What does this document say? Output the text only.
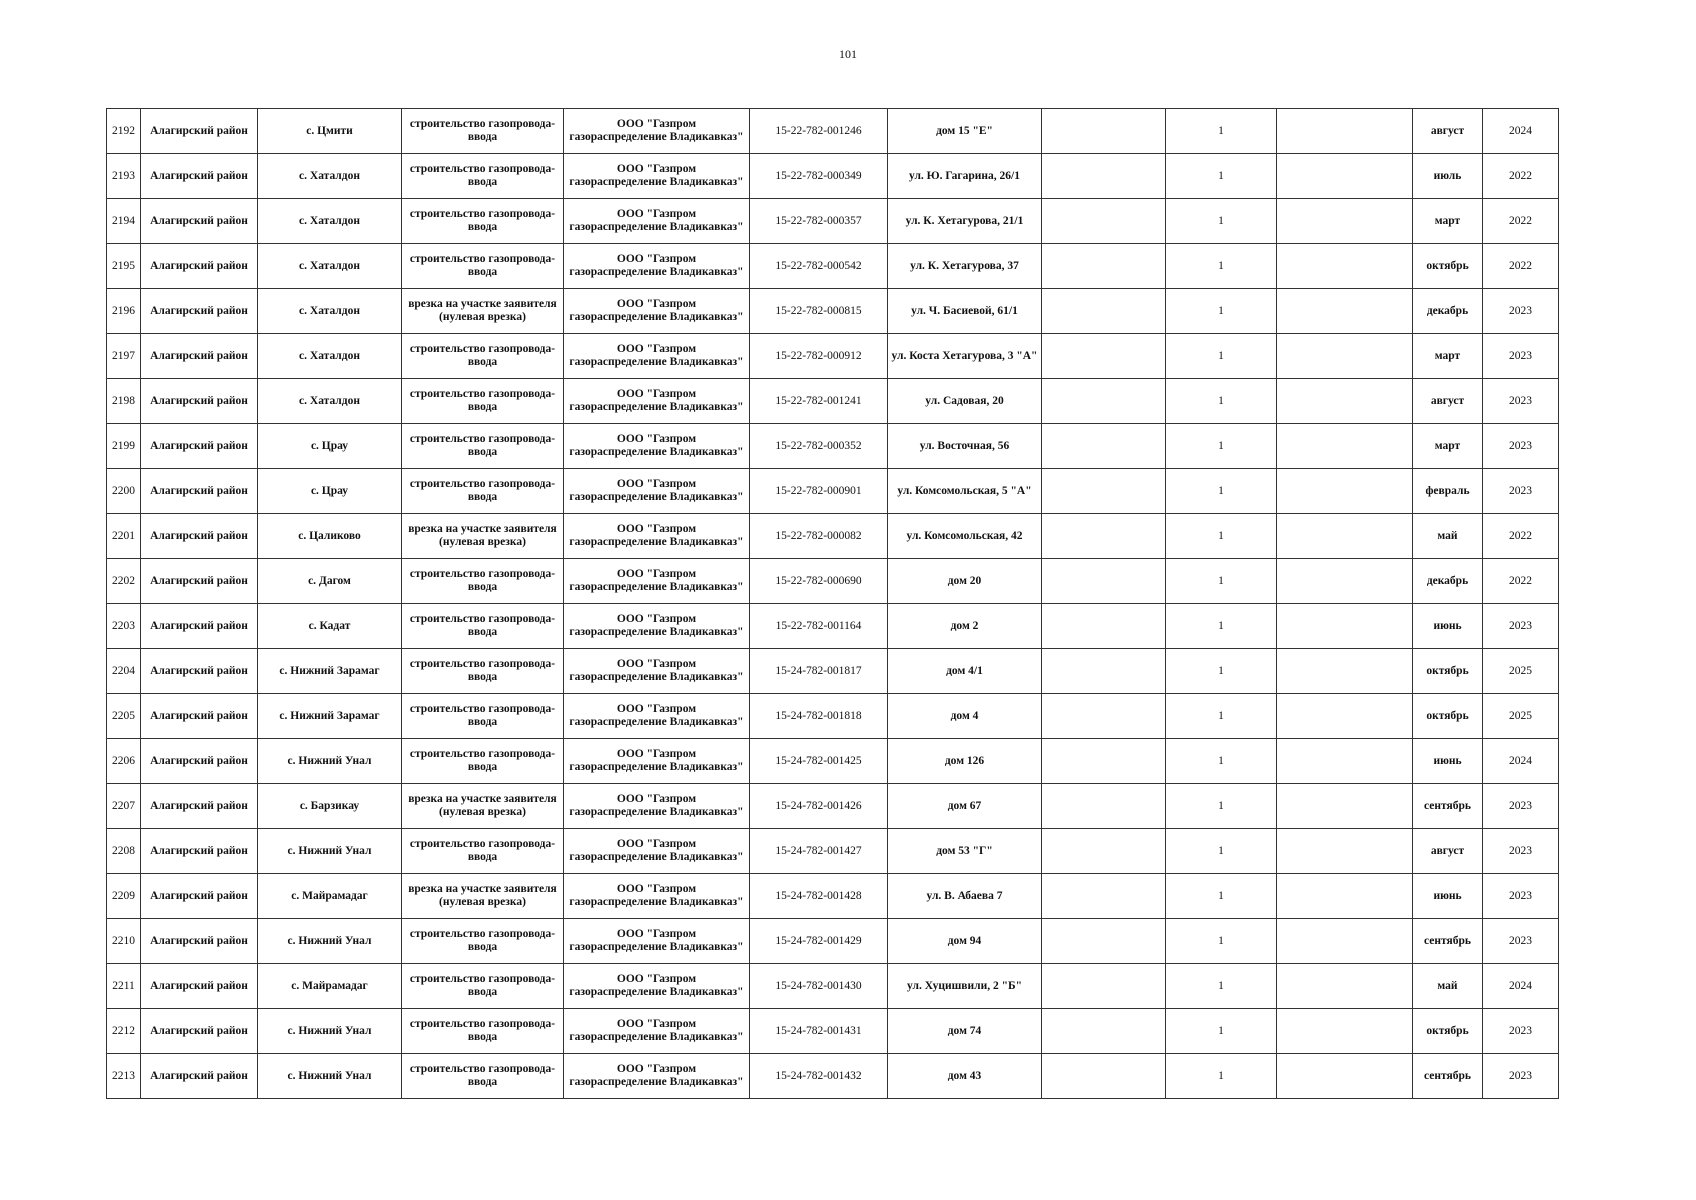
101
2192	Алагирский район	с. Цмити	строительство газопровода-ввода	ООО "Газпром газораспределение Владикавказ"	15-22-782-001246	дом 15 "Е"		1		август	2024
2193	Алагирский район	с. Хаталдон	строительство газопровода-ввода	ООО "Газпром газораспределение Владикавказ"	15-22-782-000349	ул. Ю. Гагарина, 26/1		1		июль	2022
2194	Алагирский район	с. Хаталдон	строительство газопровода-ввода	ООО "Газпром газораспределение Владикавказ"	15-22-782-000357	ул. К. Хетагурова, 21/1		1		март	2022
2195	Алагирский район	с. Хаталдон	строительство газопровода-ввода	ООО "Газпром газораспределение Владикавказ"	15-22-782-000542	ул. К. Хетагурова, 37		1		октябрь	2022
2196	Алагирский район	с. Хаталдон	врезка на участке заявителя (нулевая врезка)	ООО "Газпром газораспределение Владикавказ"	15-22-782-000815	ул. Ч. Басиевой, 61/1		1		декабрь	2023
2197	Алагирский район	с. Хаталдон	строительство газопровода-ввода	ООО "Газпром газораспределение Владикавказ"	15-22-782-000912	ул. Коста Хетагурова, 3 "А"		1		март	2023
2198	Алагирский район	с. Хаталдон	строительство газопровода-ввода	ООО "Газпром газораспределение Владикавказ"	15-22-782-001241	ул. Садовая, 20		1		август	2023
2199	Алагирский район	с. Црау	строительство газопровода-ввода	ООО "Газпром газораспределение Владикавказ"	15-22-782-000352	ул. Восточная, 56		1		март	2023
2200	Алагирский район	с. Црау	строительство газопровода-ввода	ООО "Газпром газораспределение Владикавказ"	15-22-782-000901	ул. Комсомольская, 5 "А"		1		февраль	2023
2201	Алагирский район	с. Цаликово	врезка на участке заявителя (нулевая врезка)	ООО "Газпром газораспределение Владикавказ"	15-22-782-000082	ул. Комсомольская, 42		1		май	2022
2202	Алагирский район	с. Дагом	строительство газопровода-ввода	ООО "Газпром газораспределение Владикавказ"	15-22-782-000690	дом 20		1		декабрь	2022
2203	Алагирский район	с. Кадат	строительство газопровода-ввода	ООО "Газпром газораспределение Владикавказ"	15-22-782-001164	дом 2		1		июнь	2023
2204	Алагирский район	с. Нижний Зарамаг	строительство газопровода-ввода	ООО "Газпром газораспределение Владикавказ"	15-24-782-001817	дом 4/1		1		октябрь	2025
2205	Алагирский район	с. Нижний Зарамаг	строительство газопровода-ввода	ООО "Газпром газораспределение Владикавказ"	15-24-782-001818	дом 4		1		октябрь	2025
2206	Алагирский район	с. Нижний Унал	строительство газопровода-ввода	ООО "Газпром газораспределение Владикавказ"	15-24-782-001425	дом 126		1		июнь	2024
2207	Алагирский район	с. Барзикау	врезка на участке заявителя (нулевая врезка)	ООО "Газпром газораспределение Владикавказ"	15-24-782-001426	дом 67		1		сентябрь	2023
2208	Алагирский район	с. Нижний Унал	строительство газопровода-ввода	ООО "Газпром газораспределение Владикавказ"	15-24-782-001427	дом 53 "Г"		1		август	2023
2209	Алагирский район	с. Майрамадаг	врезка на участке заявителя (нулевая врезка)	ООО "Газпром газораспределение Владикавказ"	15-24-782-001428	ул. В. Абаева 7		1		июнь	2023
2210	Алагирский район	с. Нижний Унал	строительство газопровода-ввода	ООО "Газпром газораспределение Владикавказ"	15-24-782-001429	дом 94		1		сентябрь	2023
2211	Алагирский район	с. Майрамадаг	строительство газопровода-ввода	ООО "Газпром газораспределение Владикавказ"	15-24-782-001430	ул. Хуцишвили, 2 "Б"		1		май	2024
2212	Алагирский район	с. Нижний Унал	строительство газопровода-ввода	ООО "Газпром газораспределение Владикавказ"	15-24-782-001431	дом 74		1		октябрь	2023
2213	Алагирский район	с. Нижний Унал	строительство газопровода-ввода	ООО "Газпром газораспределение Владикавказ"	15-24-782-001432	дом 43		1		сентябрь	2023
